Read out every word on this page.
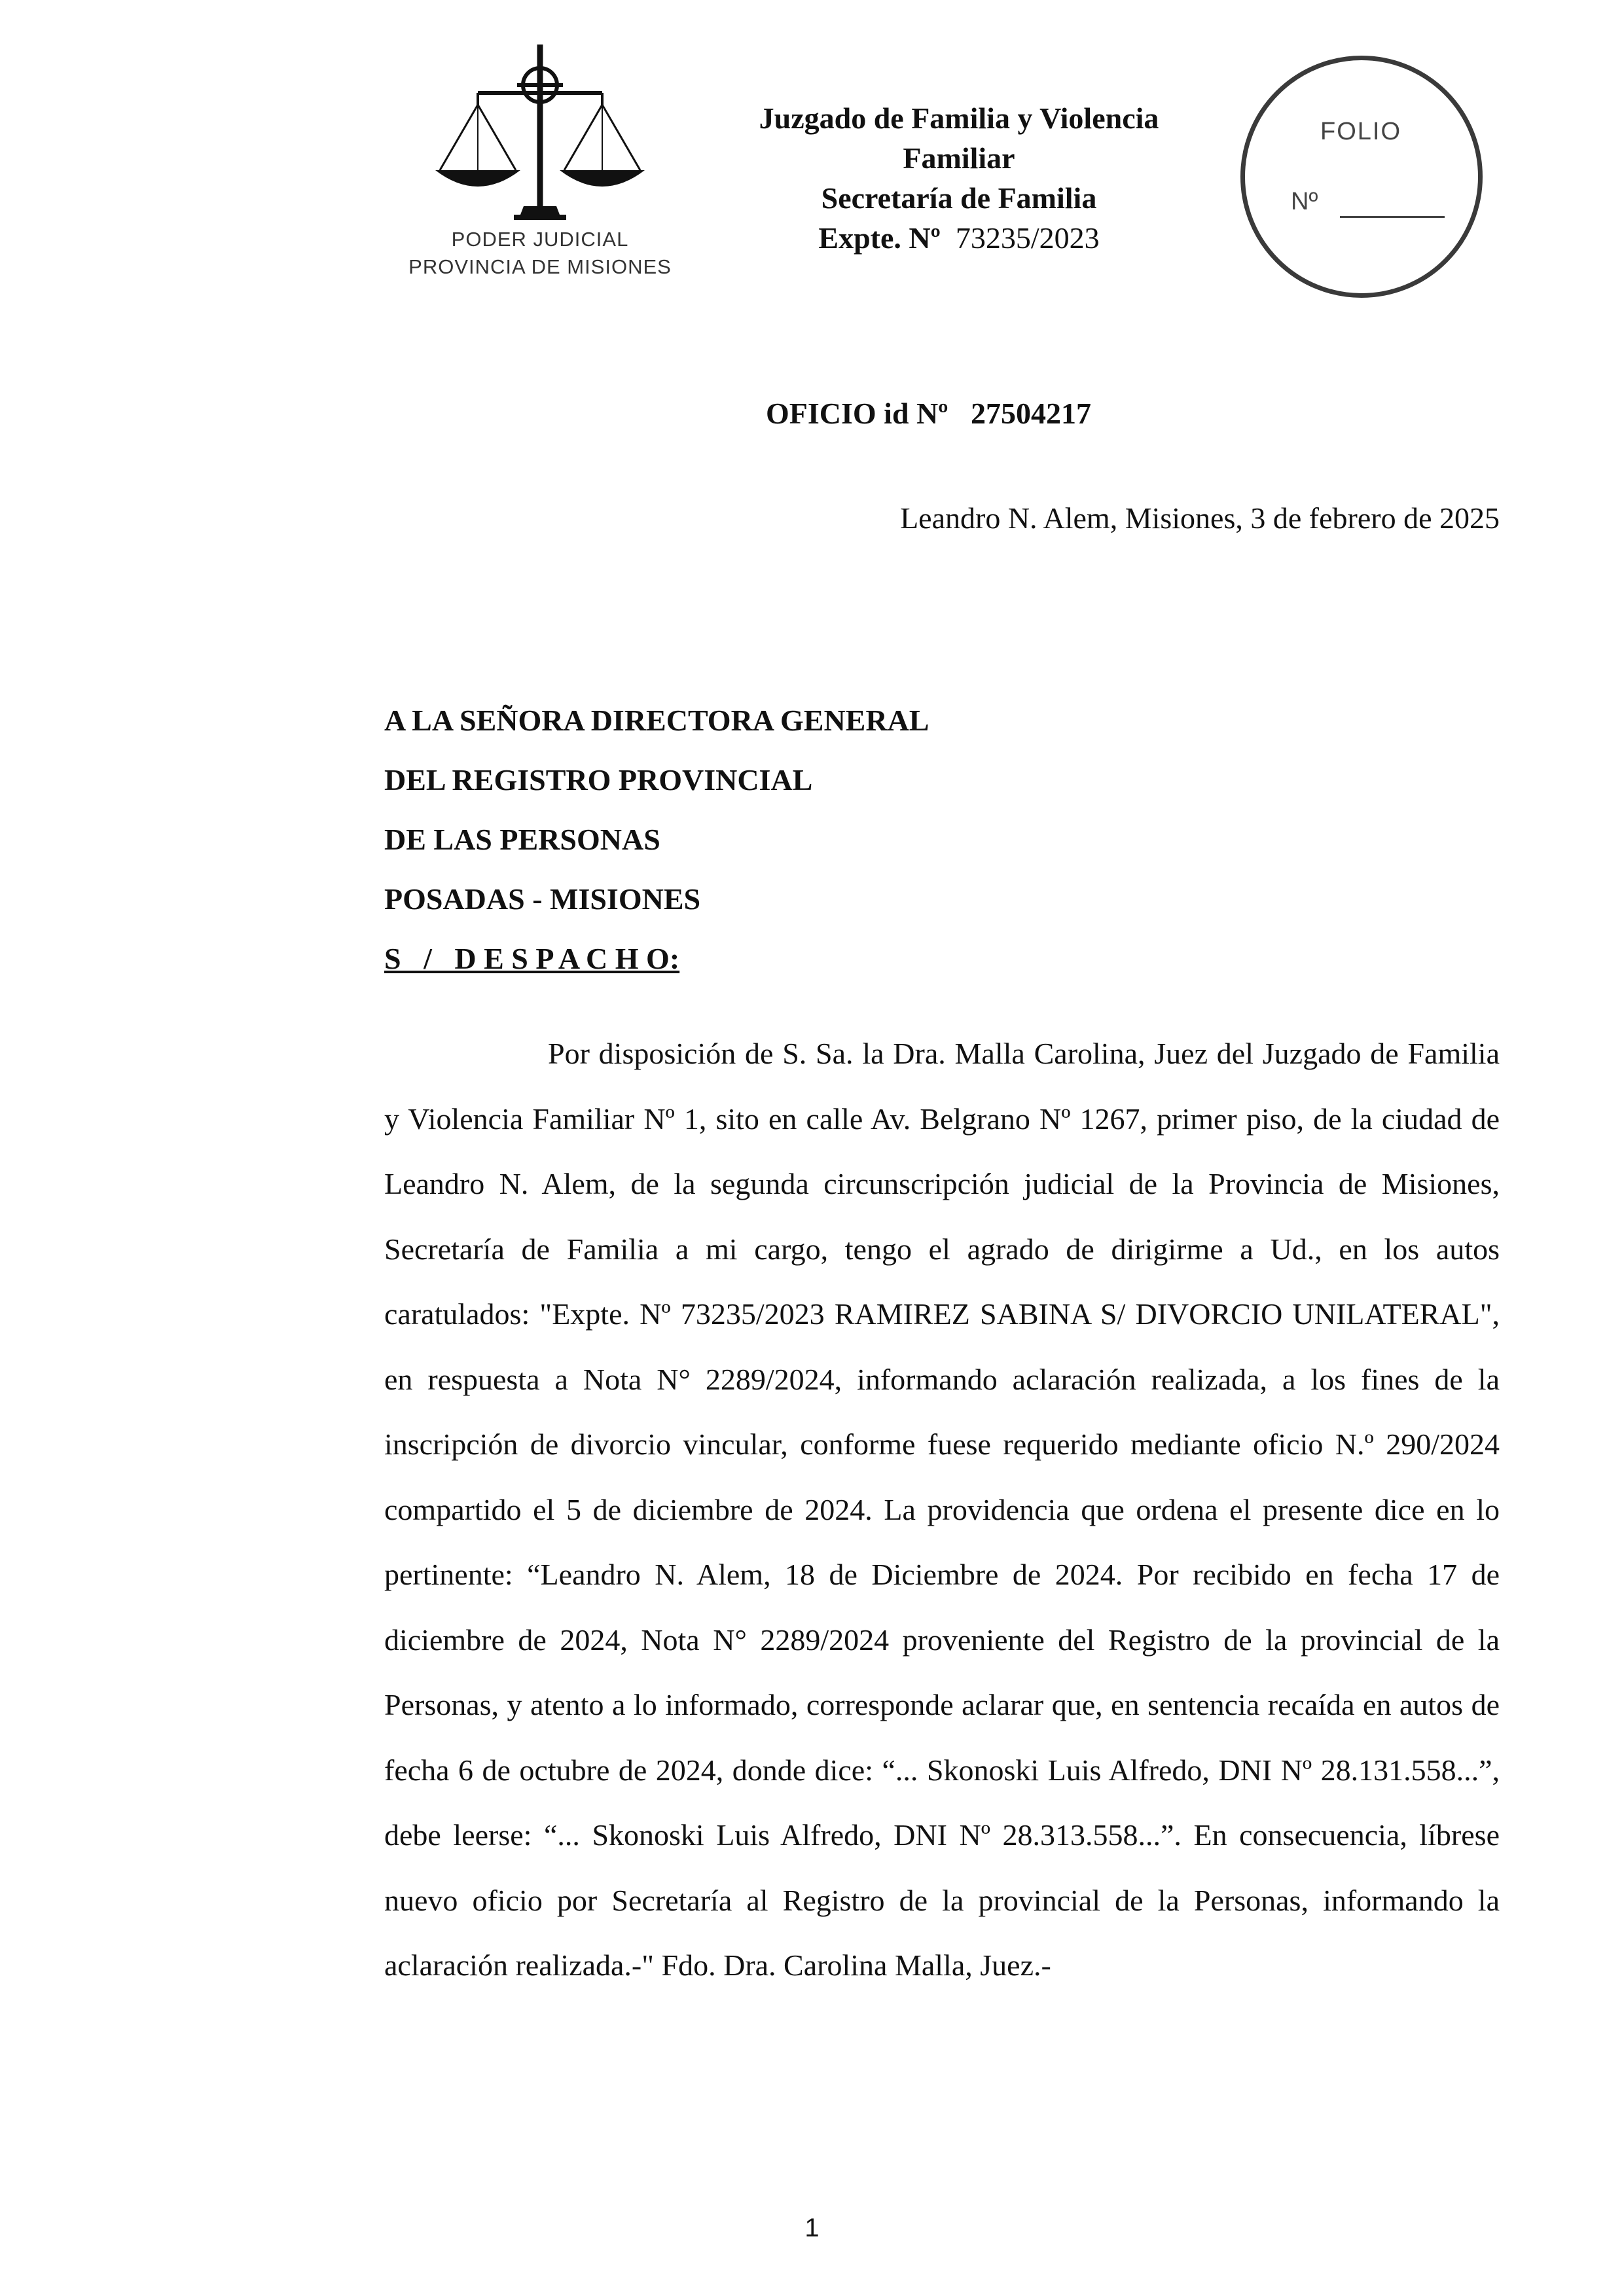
PODER JUDICIAL
PROVINCIA DE MISIONES
Juzgado de Familia y Violencia
Familiar
Secretaría de Familia
Expte. Nº 73235/2023
FOLIO
Nº
OFICIO id Nº   27504217
Leandro N. Alem, Misiones, 3 de febrero de 2025
A LA SEÑORA DIRECTORA GENERAL
DEL REGISTRO PROVINCIAL
DE LAS PERSONAS
POSADAS - MISIONES
S   /   D E S P A C H O:
Por disposición de S. Sa. la Dra. Malla Carolina, Juez del Juzgado de Familia y Violencia Familiar Nº 1, sito en calle Av. Belgrano Nº 1267, primer piso, de la ciudad de Leandro N. Alem, de la segunda circunscripción judicial de la Provincia de Misiones, Secretaría de Familia a mi cargo, tengo el agrado de dirigirme a Ud., en los autos caratulados: "Expte. Nº 73235/2023 RAMIREZ SABINA S/ DIVORCIO UNILATERAL", en respuesta a Nota N° 2289/2024, informando aclaración realizada, a los fines de la inscripción de divorcio vincular, conforme fuese requerido mediante oficio N.º 290/2024 compartido el 5 de diciembre de 2024. La providencia que ordena el presente dice en lo pertinente: “Leandro N. Alem, 18 de Diciembre de 2024. Por recibido en fecha 17 de diciembre de 2024, Nota N° 2289/2024 proveniente del Registro de la provincial de la Personas, y atento a lo informado, corresponde aclarar que, en sentencia recaída en autos de fecha 6 de octubre de 2024, donde dice: “... Skonoski Luis Alfredo, DNI Nº 28.131.558...”, debe leerse: “... Skonoski Luis Alfredo, DNI Nº 28.313.558...”. En consecuencia, líbrese nuevo oficio por Secretaría al Registro de la provincial de la Personas, informando la aclaración realizada.-" Fdo. Dra. Carolina Malla, Juez.-
1
